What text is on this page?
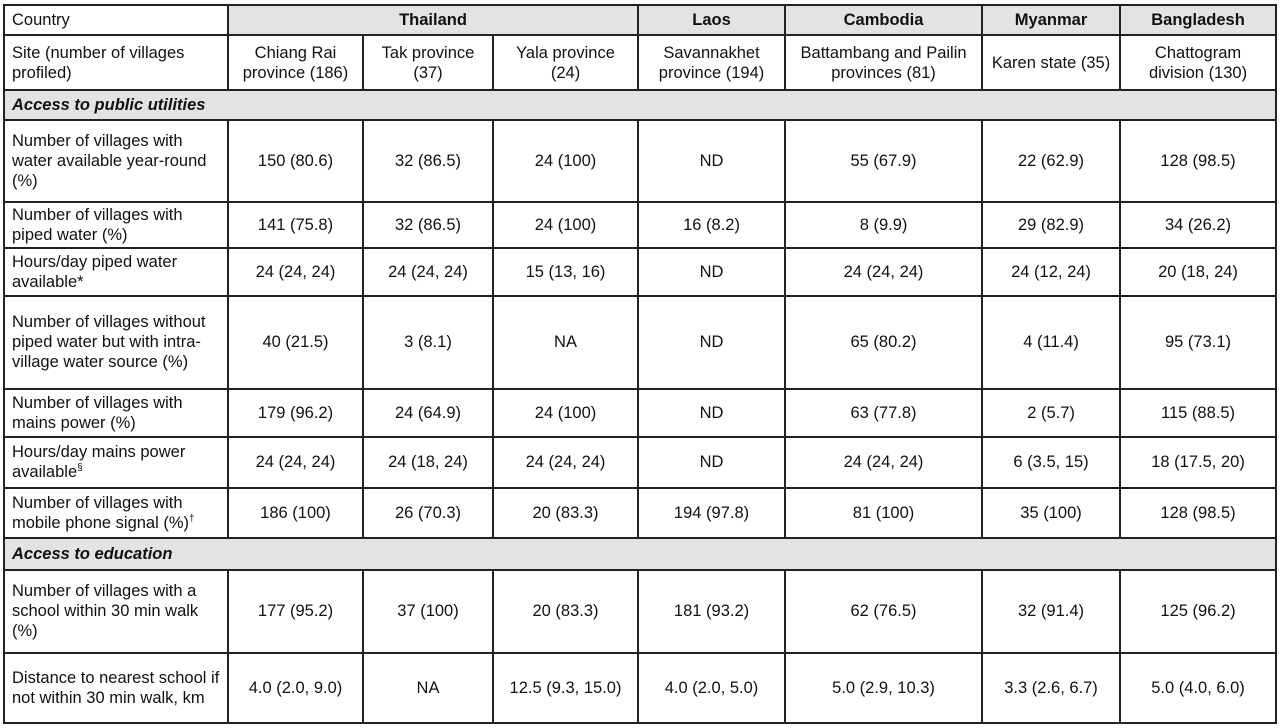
Country	Thailand			Laos	Cambodia	Myanmar	Bangladesh
Site (number of villages profiled)	Chiang Rai province (186)	Tak province (37)	Yala province (24)	Savannakhet province (194)	Battambang and Pailin provinces (81)	Karen state (35)	Chattogram division (130)
Access to public utilities							
Number of villages with water available year-round (%)	150 (80.6)	32 (86.5)	24 (100)	ND	55 (67.9)	22 (62.9)	128 (98.5)
Number of villages with piped water (%)	141 (75.8)	32 (86.5)	24 (100)	16 (8.2)	8 (9.9)	29 (82.9)	34 (26.2)
Hours/day piped water available*	24 (24, 24)	24 (24, 24)	15 (13, 16)	ND	24 (24, 24)	24 (12, 24)	20 (18, 24)
Number of villages without piped water but with intra-village water source (%)	40 (21.5)	3 (8.1)	NA	ND	65 (80.2)	4 (11.4)	95 (73.1)
Number of villages with mains power (%)	179 (96.2)	24 (64.9)	24 (100)	ND	63 (77.8)	2 (5.7)	115 (88.5)
Hours/day mains power available§	24 (24, 24)	24 (18, 24)	24 (24, 24)	ND	24 (24, 24)	6 (3.5, 15)	18 (17.5, 20)
Number of villages with mobile phone signal (%)†	186 (100)	26 (70.3)	20 (83.3)	194 (97.8)	81 (100)	35 (100)	128 (98.5)
Access to education							
Number of villages with a school within 30 min walk (%)	177 (95.2)	37 (100)	20 (83.3)	181 (93.2)	62 (76.5)	32 (91.4)	125 (96.2)
Distance to nearest school if not within 30 min walk, km	4.0 (2.0, 9.0)	NA	12.5 (9.3, 15.0)	4.0 (2.0, 5.0)	5.0 (2.9, 10.3)	3.3 (2.6, 6.7)	5.0 (4.0, 6.0)
